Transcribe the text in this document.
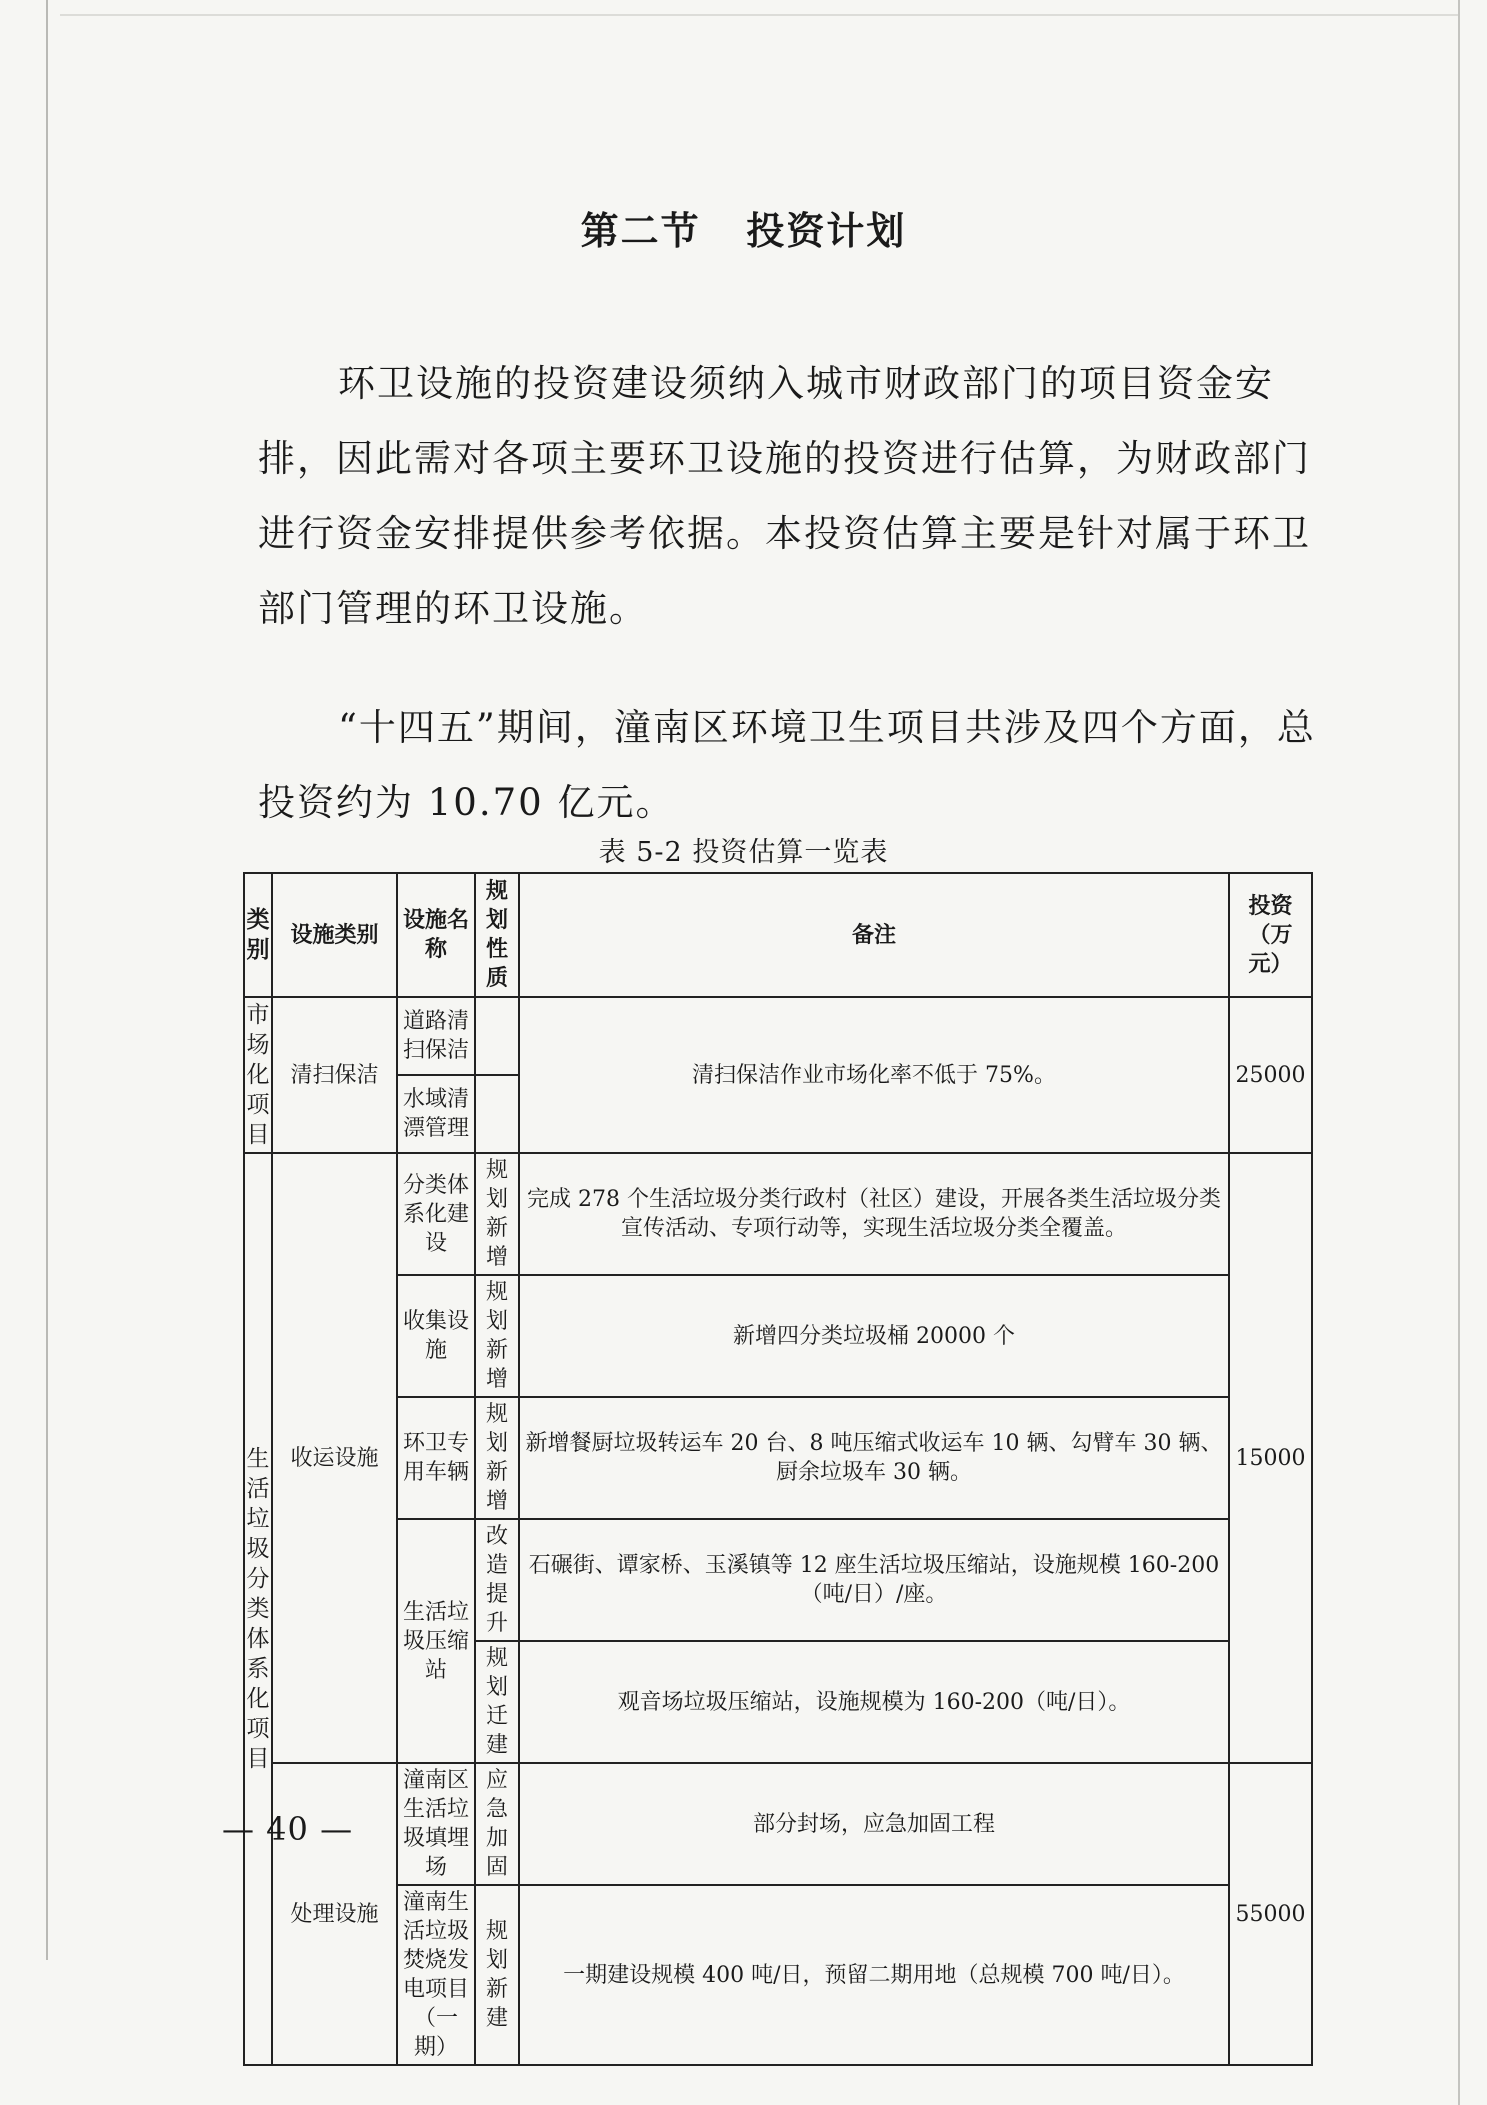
第二节   投资计划
环卫设施的投资建设须纳入城市财政部门的项目资金安排，因此需对各项主要环卫设施的投资进行估算，为财政部门进行资金安排提供参考依据。本投资估算主要是针对属于环卫部门管理的环卫设施。
“十四五”期间，潼南区环境卫生项目共涉及四个方面，总投资约为 10.70 亿元。
表 5-2 投资估算一览表
类别	设施类别	设施名称	规划性质	备注	投资（万元）
市场化项目	清扫保洁	道路清扫保洁		清扫保洁作业市场化率不低于 75%。	25000
		水域清漂管理			
生活垃圾分类体系化项目	收运设施	分类体系化建设	规划新增	完成 278 个生活垃圾分类行政村（社区）建设，开展各类生活垃圾分类宣传活动、专项行动等，实现生活垃圾分类全覆盖。	15000
		收集设施	规划新增	新增四分类垃圾桶 20000 个	
		环卫专用车辆	规划新增	新增餐厨垃圾转运车 20 台、8 吨压缩式收运车 10 辆、勾臂车 30 辆、厨余垃圾车 30 辆。	
		生活垃圾压缩站	改造提升	石碾街、谭家桥、玉溪镇等 12 座生活垃圾压缩站，设施规模 160-200（吨/日）/座。	
			规划迁建	观音场垃圾压缩站，设施规模为 160-200（吨/日）。	

	处理设施	潼南区生活垃圾填埋场	应急加固	部分封场，应急加固工程	55000
		潼南生活垃圾焚烧发电项目（一期）	规划新建	一期建设规模 400 吨/日，预留二期用地（总规模 700 吨/日）。	
— 40 —
